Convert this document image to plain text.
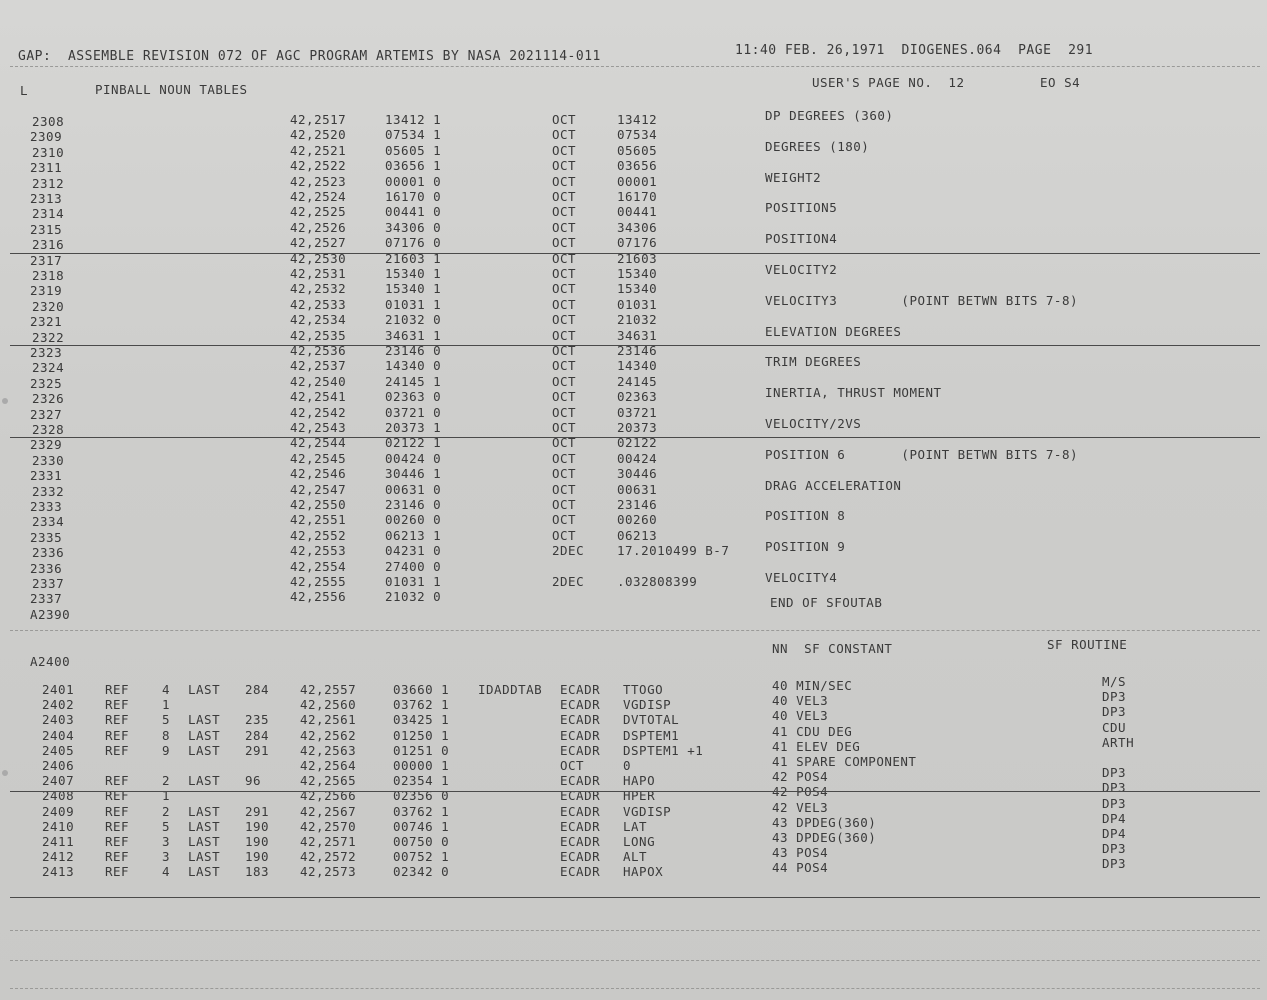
GAP:  ASSEMBLE REVISION 072 OF AGC PROGRAM ARTEMIS BY NASA 2021114-011	11:40 FEB. 26,1971  DIOGENES.064  PAGE  291
L	PINBALL NOUN TABLES	USER'S PAGE NO.  12	EO S4
2308	42,2517	13412 1	OCT	13412	DP DEGREES (360)
2309	42,2520	07534 1	OCT	07534
2310	42,2521	05605 1	OCT	05605	DEGREES (180)
2311	42,2522	03656 1	OCT	03656
2312	42,2523	00001 0	OCT	00001	WEIGHT2
2313	42,2524	16170 0	OCT	16170
2314	42,2525	00441 0	OCT	00441	POSITION5
2315	42,2526	34306 0	OCT	34306
2316	42,2527	07176 0	OCT	07176	POSITION4
2317	42,2530	21603 1	OCT	21603
2318	42,2531	15340 1	OCT	15340	VELOCITY2
2319	42,2532	15340 1	OCT	15340
2320	42,2533	01031 1	OCT	01031	VELOCITY3        (POINT BETWN BITS 7-8)
2321	42,2534	21032 0	OCT	21032
2322	42,2535	34631 1	OCT	34631	ELEVATION DEGREES
2323	42,2536	23146 0	OCT	23146
2324	42,2537	14340 0	OCT	14340	TRIM DEGREES
2325	42,2540	24145 1	OCT	24145
2326	42,2541	02363 0	OCT	02363	INERTIA, THRUST MOMENT
2327	42,2542	03721 0	OCT	03721
2328	42,2543	20373 1	OCT	20373	VELOCITY/2VS
2329	42,2544	02122 1	OCT	02122
2330	42,2545	00424 0	OCT	00424	POSITION 6       (POINT BETWN BITS 7-8)
2331	42,2546	30446 1	OCT	30446
2332	42,2547	00631 0	OCT	00631	DRAG ACCELERATION
2333	42,2550	23146 0	OCT	23146
2334	42,2551	00260 0	OCT	00260	POSITION 8
2335	42,2552	06213 1	OCT	06213
2336	42,2553	04231 0	2DEC	17.2010499 B-7	POSITION 9
2336	42,2554	27400 0
2337	42,2555	01031 1	2DEC	.032808399	VELOCITY4
2337	42,2556	21032 0	END OF SFOUTAB
A2390
A2400
NN  SF CONSTANT	SF ROUTINE
2401 REF	4 LAST 284 42,2557	03660 1 IDADDTAB ECADR TTOGO	40 MIN/SEC	M/S
2402 REF	1	42,2560	03762 1	ECADR VGDISP	40 VEL3	DP3
2403 REF	5 LAST 235 42,2561	03425 1	ECADR DVTOTAL	40 VEL3	DP3
2404 REF	8 LAST 284 42,2562	01250 1	ECADR DSPTEM1	41 CDU DEG	CDU
2405 REF	9 LAST 291 42,2563	01251 0	ECADR DSPTEM1 +1	41 ELEV DEG	ARTH
2406	42,2564	00000 1	OCT	0	41 SPARE COMPONENT
2407 REF	2 LAST 96	42,2565	02354 1	ECADR HAPO	42 POS4	DP3
2408 REF	1	42,2566	02356 0	ECADR HPER	42 POS4	DP3
2409 REF	2 LAST 291 42,2567	03762 1	ECADR VGDISP	42 VEL3	DP3
2410 REF	5 LAST 190 42,2570	00746 1	ECADR LAT	43 DPDEG(360)	DP4
2411 REF	3 LAST 190 42,2571	00750 0	ECADR LONG	43 DPDEG(360)	DP4
2412 REF	3 LAST 190 42,2572	00752 1	ECADR ALT	43 POS4	DP3
2413 REF	4 LAST 183 42,2573	02342 0	ECADR HAPOX	44 POS4	DP3
